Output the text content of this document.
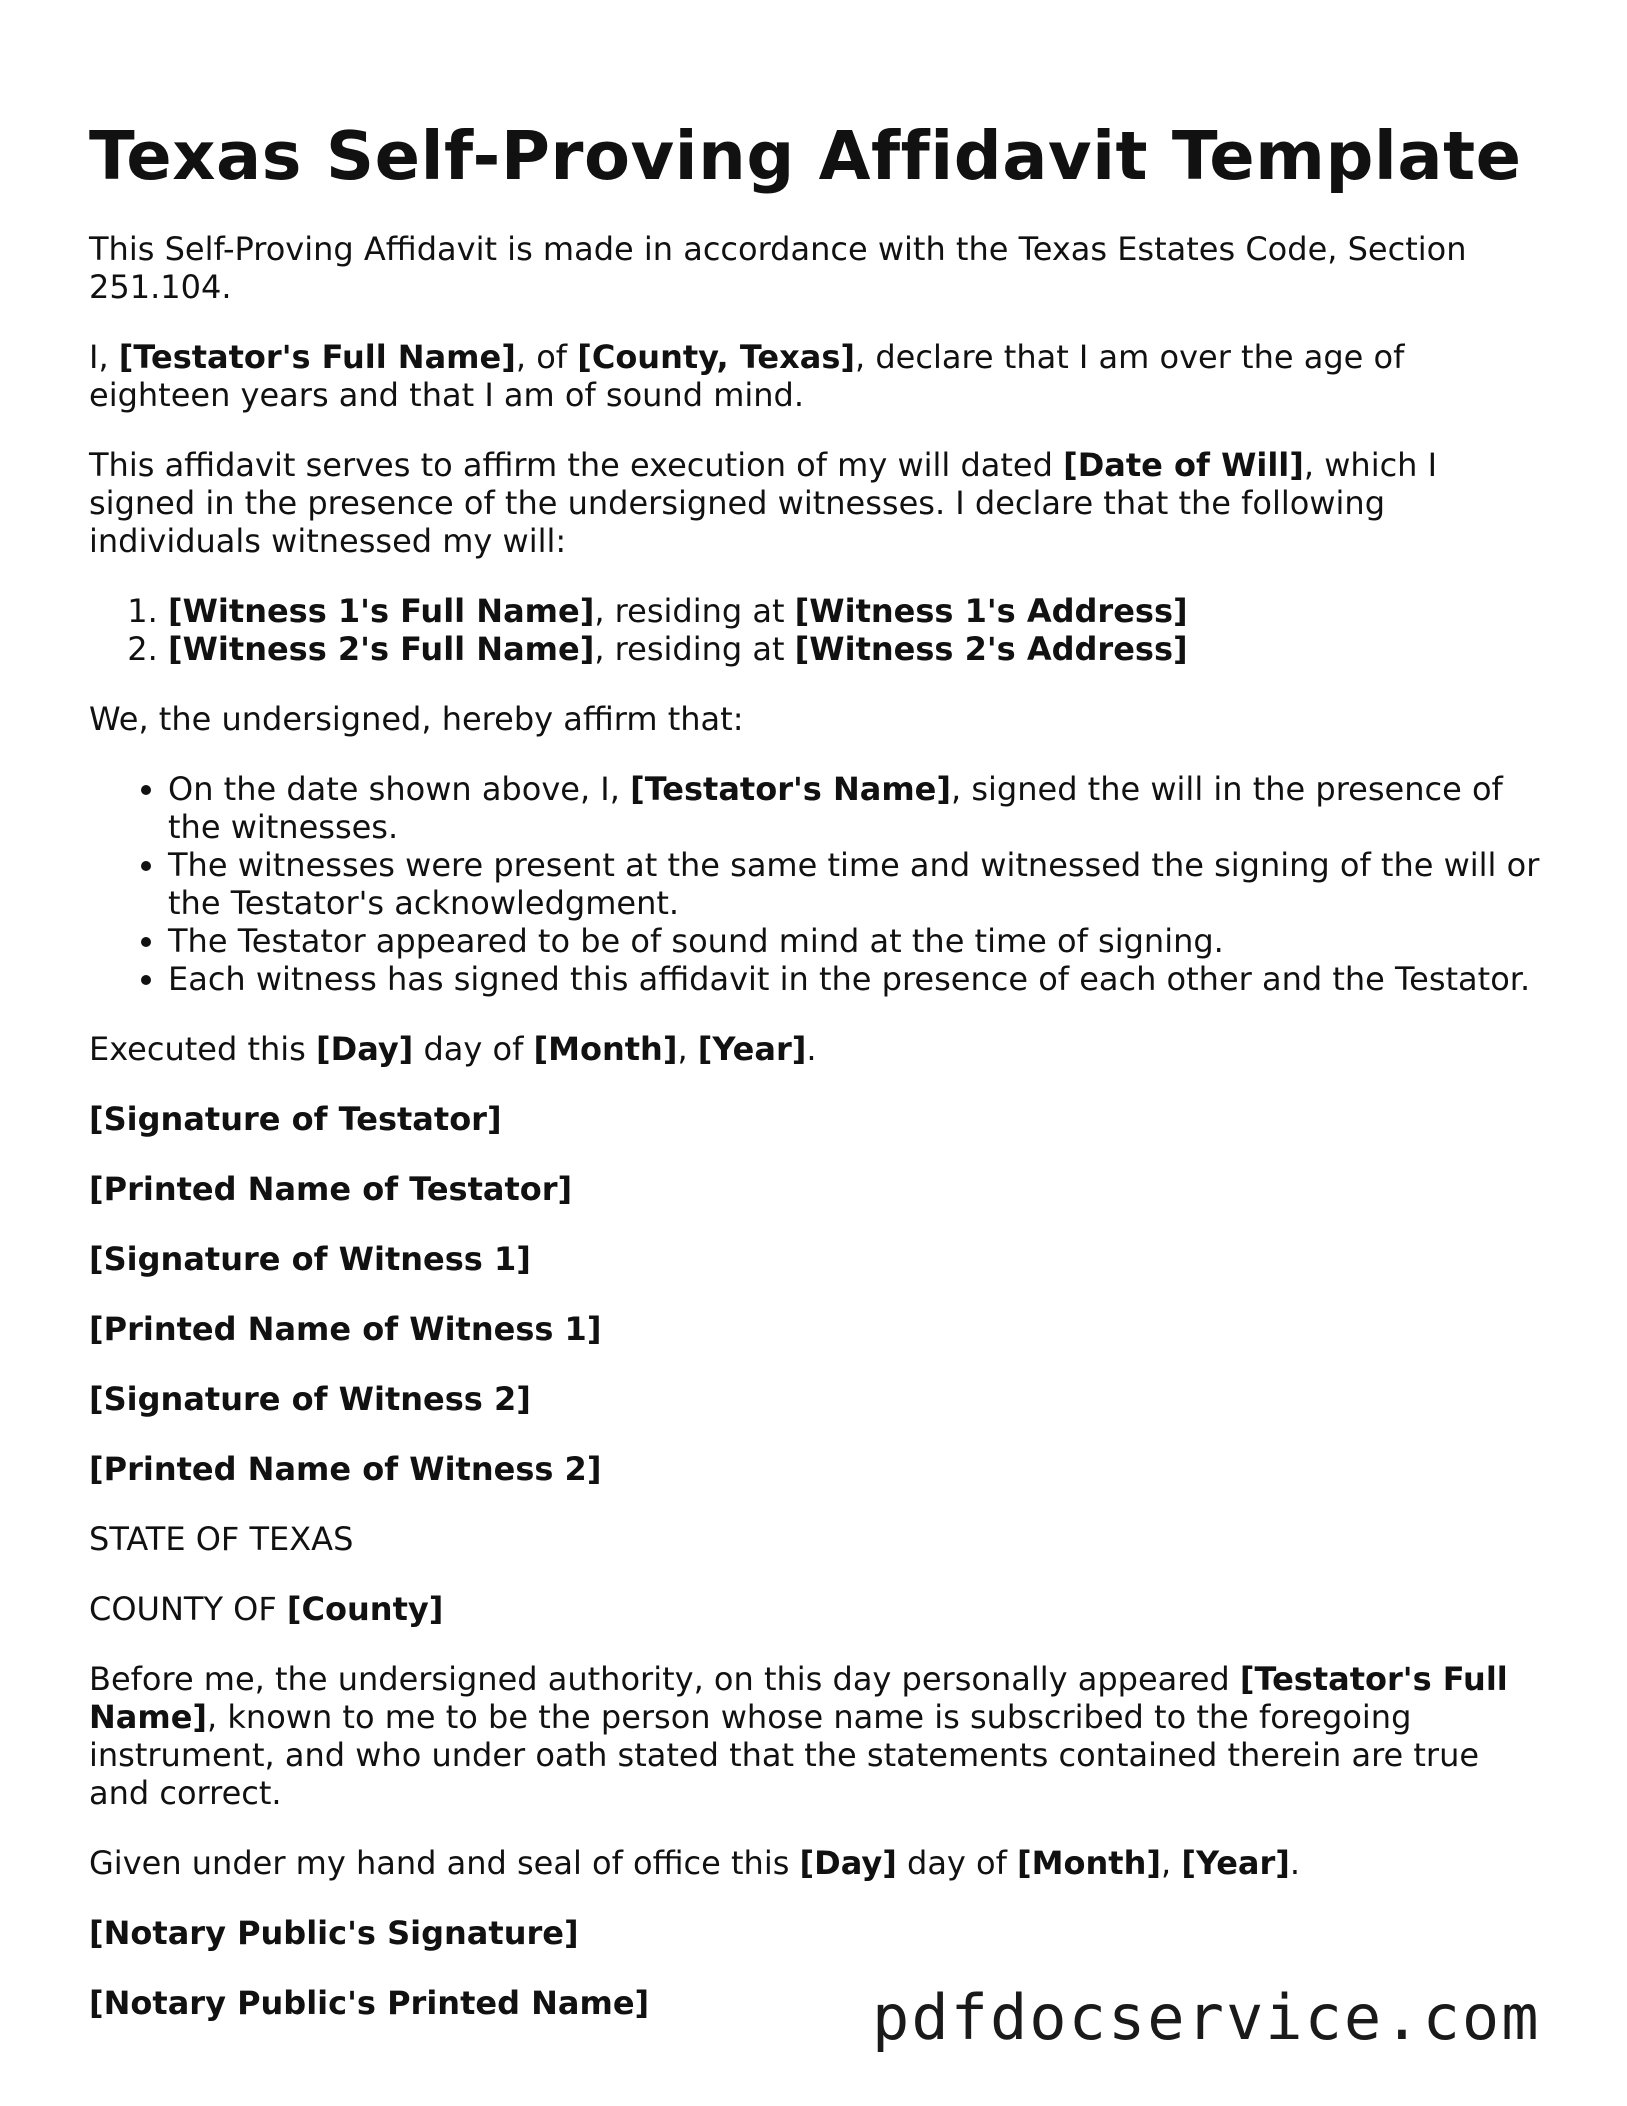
Texas Self-Proving Affidavit Template

This Self-Proving Affidavit is made in accordance with the Texas Estates Code, Section 251.104.

I, [Testator's Full Name], of [County, Texas], declare that I am over the age of eighteen years and that I am of sound mind.

This affidavit serves to affirm the execution of my will dated [Date of Will], which I signed in the presence of the undersigned witnesses. I declare that the following individuals witnessed my will:

1. [Witness 1's Full Name], residing at [Witness 1's Address]
2. [Witness 2's Full Name], residing at [Witness 2's Address]

We, the undersigned, hereby affirm that:

• On the date shown above, I, [Testator's Name], signed the will in the presence of the witnesses.
• The witnesses were present at the same time and witnessed the signing of the will or the Testator's acknowledgment.
• The Testator appeared to be of sound mind at the time of signing.
• Each witness has signed this affidavit in the presence of each other and the Testator.

Executed this [Day] day of [Month], [Year].

[Signature of Testator]

[Printed Name of Testator]

[Signature of Witness 1]

[Printed Name of Witness 1]

[Signature of Witness 2]

[Printed Name of Witness 2]

STATE OF TEXAS

COUNTY OF [County]

Before me, the undersigned authority, on this day personally appeared [Testator's Full Name], known to me to be the person whose name is subscribed to the foregoing instrument, and who under oath stated that the statements contained therein are true and correct.

Given under my hand and seal of office this [Day] day of [Month], [Year].

[Notary Public's Signature]

[Notary Public's Printed Name]	pdfdocservice.com
